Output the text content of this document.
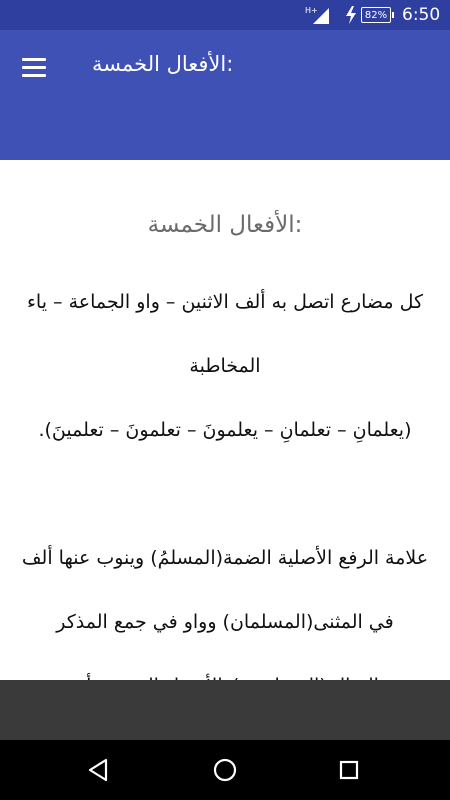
H+	82% 6:50
:الأفعال الخمسة
:الأفعال الخمسة

كل مضارع اتصل به ألف الاثنين – واو الجماعة – ياء المخاطبة

(يعلمانِ – تعلمانِ – يعلمونَ – تعلمونَ – تعلمينَ).

علامة الرفع الأصلية الضمة(المسلمُ) وينوب عنها ألف في المثنى(المسلمان) وواو في جمع المذكر
